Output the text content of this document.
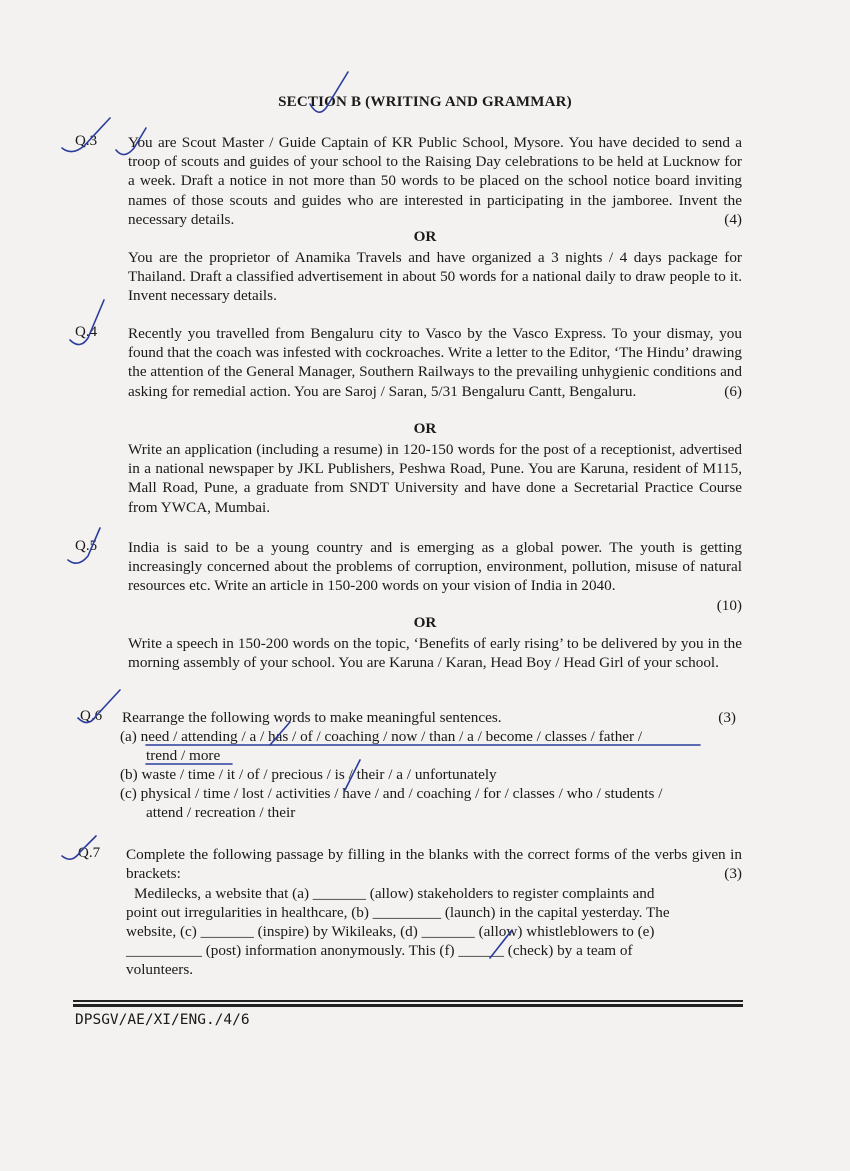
SECTION B (WRITING AND GRAMMAR)
Q.3 You are Scout Master / Guide Captain of KR Public School, Mysore. You have decided to send a troop of scouts and guides of your school to the Raising Day celebrations to be held at Lucknow for a week. Draft a notice in not more than 50 words to be placed on the school notice board inviting names of those scouts and guides who are interested in participating in the jamboree. Invent the necessary details.	(4)

OR

You are the proprietor of Anamika Travels and have organized a 3 nights / 4 days package for Thailand. Draft a classified advertisement in about 50 words for a national daily to draw people to it. Invent necessary details.

Q.4 Recently you travelled from Bengaluru city to Vasco by the Vasco Express. To your dismay, you found that the coach was infested with cockroaches. Write a letter to the Editor, ‘The Hindu’ drawing the attention of the General Manager, Southern Railways to the prevailing unhygienic conditions and asking for remedial action. You are Saroj / Saran, 5/31 Bengaluru Cantt, Bengaluru.	(6)

OR

Write an application (including a resume) in 120-150 words for the post of a receptionist, advertised in a national newspaper by JKL Publishers, Peshwa Road, Pune. You are Karuna, resident of M115, Mall Road, Pune, a graduate from SNDT University and have done a Secretarial Practice Course from YWCA, Mumbai.

Q.5 India is said to be a young country and is emerging as a global power. The youth is getting increasingly concerned about the problems of corruption, environment, pollution, misuse of natural resources etc. Write an article in 150-200 words on your vision of India in 2040.

(10)
OR

Write a speech in 150-200 words on the topic, ‘Benefits of early rising’ to be delivered by you in the morning assembly of your school. You are Karuna / Karan, Head Boy / Head Girl of your school.

Q.6 Rearrange the following words to make meaningful sentences.	(3)
(a) need / attending / a / has / of / coaching / now / than / a / become / classes / father /
trend / more
(b) waste / time / it / of / precious / is / their / a / unfortunately
(c) physical / time / lost / activities / have / and / coaching / for / classes / who / students /
attend / recreation / their
Q.7 Complete the following passage by filling in the blanks with the correct forms of the verbs given in brackets:	(3)

Medilecks, a website that (a) _______ (allow) stakeholders to register complaints and
point out irregularities in healthcare, (b) _________ (launch) in the capital yesterday. The
website, (c) _______ (inspire) by Wikileaks, (d) _______ (allow) whistleblowers to (e)
__________ (post) information anonymously. This (f) ______ (check) by a team of
volunteers.
DPSGV/AE/XI/ENG./4/6
